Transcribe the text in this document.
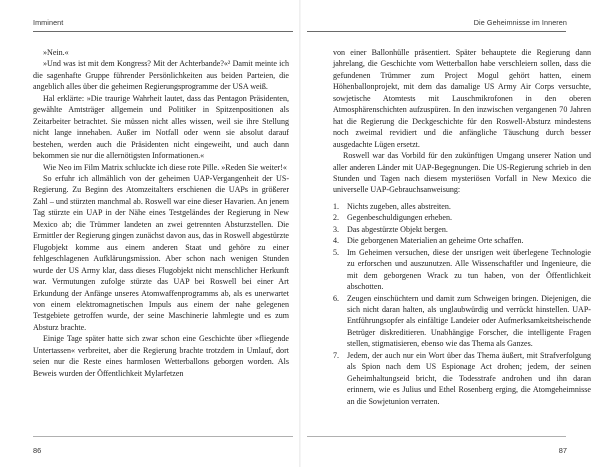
Imminent

»Nein.«

»Und was ist mit dem Kongress? Mit der Achterbande?«² Damit meinte ich die sagenhafte Gruppe führender Persönlichkeiten aus beiden Parteien, die angeblich alles über die geheimen Regierungsprogramme der USA weiß.

Hal erklärte: »Die traurige Wahrheit lautet, dass das Pentagon Präsidenten, gewählte Amtsträger allgemein und Politiker in Spitzenpositionen als Zeitarbeiter betrachtet. Sie müssen nicht alles wissen, weil sie ihre Stellung nicht lange innehaben. Außer im Notfall oder wenn sie absolut darauf bestehen, werden auch die Präsidenten nicht eingeweiht, und auch dann bekommen sie nur die allernötigsten Informationen.«

Wie Neo im Film Matrix schluckte ich diese rote Pille. »Reden Sie weiter!«

So erfuhr ich allmählich von der geheimen UAP-Vergangenheit der US-Regierung. Zu Beginn des Atomzeitalters erschienen die UAPs in größerer Zahl – und stürzten manchmal ab. Roswell war eine dieser Havarien. An jenem Tag stürzte ein UAP in der Nähe eines Testgeländes der Regierung in New Mexico ab; die Trümmer landeten an zwei getrennten Absturzstellen. Die Ermittler der Regierung gingen zunächst davon aus, das in Roswell abgestürzte Flugobjekt komme aus einem anderen Staat und gehöre zu einer fehlgeschlagenen Aufklärungsmission. Aber schon nach wenigen Stunden wurde der US Army klar, dass dieses Flugobjekt nicht menschlicher Herkunft war. Vermutungen zufolge stürzte das UAP bei Roswell bei einer Art Erkundung der Anfänge unseres Atomwaffenprogramms ab, als es unerwartet von einem elektromagnetischen Impuls aus einem der nahe gelegenen Testgebiete getroffen wurde, der seine Maschinerie lahmlegte und es zum Absturz brachte.

Einige Tage später hatte sich zwar schon eine Geschichte über »fliegende Untertassen« verbreitet, aber die Regierung brachte trotzdem in Umlauf, dort seien nur die Reste eines harmlosen Wetterballons geborgen worden. Als Beweis wurden der Öffentlichkeit Mylarfetzen

86
Die Geheimnisse im Inneren

von einer Ballonhülle präsentiert. Später behauptete die Regierung dann jahrelang, die Geschichte vom Wetterballon habe verschleiern sollen, dass die gefundenen Trümmer zum Project Mogul gehört hatten, einem Höhenballonprojekt, mit dem das damalige US Army Air Corps versuchte, sowjetische Atomtests mit Lauschmikrofonen in den oberen Atmosphärenschichten aufzuspüren. In den inzwischen vergangenen 70 Jahren hat die Regierung die Deckgeschichte für den Roswell-Absturz mindestens noch zweimal revidiert und die anfängliche Täuschung durch besser ausgedachte Lügen ersetzt.

Roswell war das Vorbild für den zukünftigen Umgang unserer Nation und aller anderen Länder mit UAP-Begegnungen. Die US-Regierung schrieb in den Stunden und Tagen nach diesem mysteriösen Vorfall in New Mexico die universelle UAP-Gebrauchsanweisung:

1. Nichts zugeben, alles abstreiten.
2. Gegenbeschuldigungen erheben.
3. Das abgestürzte Objekt bergen.
4. Die geborgenen Materialien an geheime Orte schaffen.
5. Im Geheimen versuchen, diese der unsrigen weit überlegene Technologie zu erforschen und auszunutzen. Alle Wissenschaftler und Ingenieure, die mit dem geborgenen Wrack zu tun haben, von der Öffentlichkeit abschotten.
6. Zeugen einschüchtern und damit zum Schweigen bringen. Diejenigen, die sich nicht daran halten, als unglaubwürdig und verrückt hinstellen. UAP-Entführungsopfer als einfältige Landeier oder Aufmerksamkeitsheischende Betrüger diskreditieren. Unabhängige Forscher, die intelligente Fragen stellen, stigmatisieren, ebenso wie das Thema als Ganzes.
7. Jedem, der auch nur ein Wort über das Thema äußert, mit Strafverfolgung als Spion nach dem US Espionage Act drohen; jedem, der seinen Geheimhaltungseid bricht, die Todesstrafe androhen und ihn daran erinnern, wie es Julius und Ethel Rosenberg erging, die Atomgeheimnisse an die Sowjetunion verraten.
87
